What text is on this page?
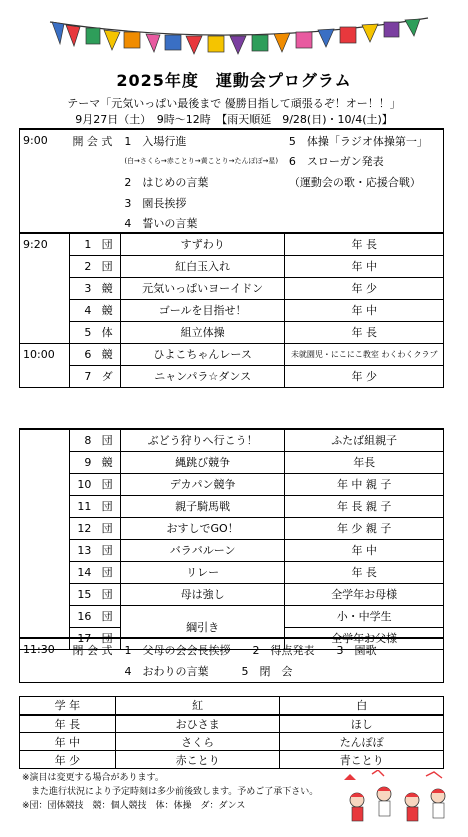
2025年度　運動会プログラム
テーマ「元気いっぱい最後まで 優勝目指して頑張るぞ！オー！！」
9月27日（土）　9時〜12時　【雨天順延　9/28(日)・10/4(土)】
9:00	開 会 式	1　 入場行進	5　 体操「ラジオ体操第一」
		(白→さくら→赤ことり→黄ことり→たんぽぽ→星)	6　 スローガン発表
		2　 はじめの言葉	（運動会の歌・応援合戦）
		3　 園長挨拶	
		4　 誓いの言葉	
9:20	1	団	すずわり	年 長
	2	団	紅白玉入れ	年 中
	3	競	元気いっぱいヨーイドン	年 少
	4	競	ゴールを目指せ！	年 中
	5	体	組立体操	年 長
10:00	6	競	ひよこちゃんレース	未就園児・にこにこ教室 わくわくクラブ
	7	ダ	ニャンパラ☆ダンス	年 少
	8	団	ぶどう狩りへ行こう！	ふたば組親子
	9	競	縄跳び競争	年長
	10	団	デカパン競争	年 中 親 子
	11	団	親子騎馬戦	年 長 親 子
	12	団	おすしでGO！	年 少 親 子
	13	団	バラバルーン	年 中
	14	団	リレー	年 長
	15	団	母は強し	全学年お母様
	16	団	綱引き	小・中学生
	17	団		全学年お父様
11:30	閉 会 式	1　父母の会会長挨拶　　2　得点発表　　3　園歌
		4　おわりの言葉　　　5　閉　会
学 年	紅	白
年 長	おひさま	ほし
年 中	さくら	たんぽぽ
年 少	赤ことり	青ことり
※演目は変更する場合があります。
　また進行状況により予定時刻は多少前後致します。予めご了承下さい。
※団：団体競技　競：個人競技　体：体操　ダ：ダンス
